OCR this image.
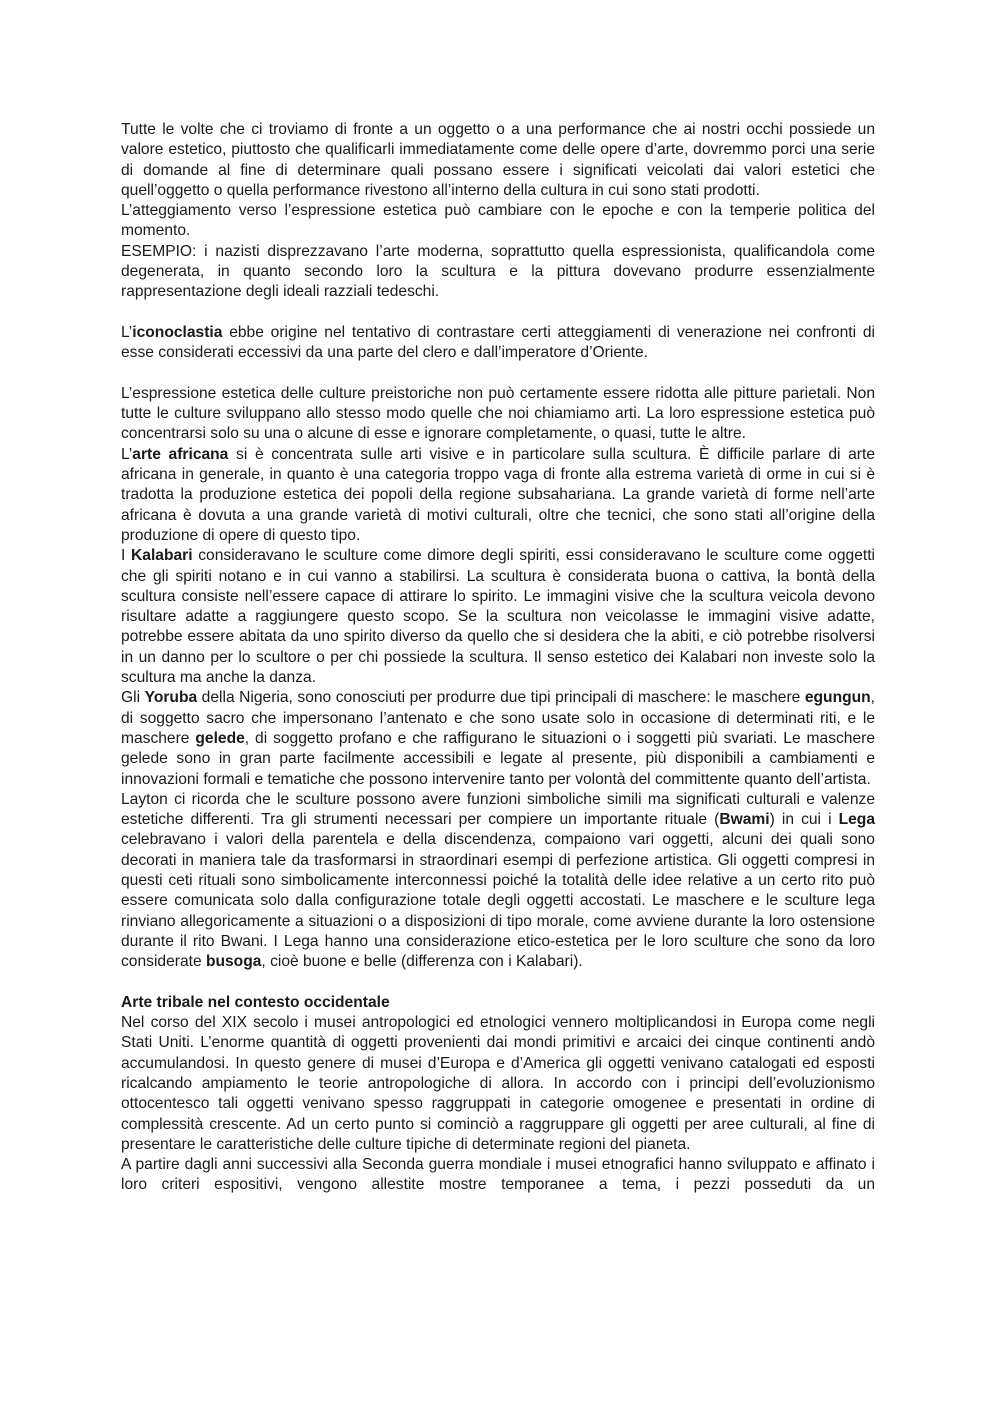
Tutte le volte che ci troviamo di fronte a un oggetto o a una performance che ai nostri occhi possiede un valore estetico, piuttosto che qualificarli immediatamente come delle opere d’arte, dovremmo porci una serie di domande al fine di determinare quali possano essere i significati veicolati dai valori estetici che quell’oggetto o quella performance rivestono all’interno della cultura in cui sono stati prodotti.

L’atteggiamento verso l’espressione estetica può cambiare con le epoche e con la temperie politica del momento.

ESEMPIO: i nazisti disprezzavano l’arte moderna, soprattutto quella espressionista, qualificandola come degenerata, in quanto secondo loro la scultura e la pittura dovevano produrre essenzialmente rappresentazione degli ideali razziali tedeschi.

L’iconoclastia ebbe origine nel tentativo di contrastare certi atteggiamenti di venerazione nei confronti di esse considerati eccessivi da una parte del clero e dall’imperatore d’Oriente.

L’espressione estetica delle culture preistoriche non può certamente essere ridotta alle pitture parietali. Non tutte le culture sviluppano allo stesso modo quelle che noi chiamiamo arti. La loro espressione estetica può concentrarsi solo su una o alcune di esse e ignorare completamente, o quasi, tutte le altre.

L’arte africana si è concentrata sulle arti visive e in particolare sulla scultura. È difficile parlare di arte africana in generale, in quanto è una categoria troppo vaga di fronte alla estrema varietà di orme in cui si è tradotta la produzione estetica dei popoli della regione subsahariana. La grande varietà di forme nell’arte africana è dovuta a una grande varietà di motivi culturali, oltre che tecnici, che sono stati all’origine della produzione di opere di questo tipo.

I Kalabari consideravano le sculture come dimore degli spiriti, essi consideravano le sculture come oggetti che gli spiriti notano e in cui vanno a stabilirsi. La scultura è considerata buona o cattiva, la bontà della scultura consiste nell’essere capace di attirare lo spirito. Le immagini visive che la scultura veicola devono risultare adatte a raggiungere questo scopo. Se la scultura non veicolasse le immagini visive adatte, potrebbe essere abitata da uno spirito diverso da quello che si desidera che la abiti, e ciò potrebbe risolversi in un danno per lo scultore o per chi possiede la scultura. Il senso estetico dei Kalabari non investe solo la scultura ma anche la danza.

Gli Yoruba della Nigeria, sono conosciuti per produrre due tipi principali di maschere: le maschere egungun, di soggetto sacro che impersonano l’antenato e che sono usate solo in occasione di determinati riti, e le maschere gelede, di soggetto profano e che raffigurano le situazioni o i soggetti più svariati. Le maschere gelede sono in gran parte facilmente accessibili e legate al presente, più disponibili a cambiamenti e innovazioni formali e tematiche che possono intervenire tanto per volontà del committente quanto dell’artista.

Layton ci ricorda che le sculture possono avere funzioni simboliche simili ma significati culturali e valenze estetiche differenti. Tra gli strumenti necessari per compiere un importante rituale (Bwami) in cui i Lega celebravano i valori della parentela e della discendenza, compaiono vari oggetti, alcuni dei quali sono decorati in maniera tale da trasformarsi in straordinari esempi di perfezione artistica. Gli oggetti compresi in questi ceti rituali sono simbolicamente interconnessi poiché la totalità delle idee relative a un certo rito può essere comunicata solo dalla configurazione totale degli oggetti accostati. Le maschere e le sculture lega rinviano allegoricamente a situazioni o a disposizioni di tipo morale, come avviene durante la loro ostensione durante il rito Bwani. I Lega hanno una considerazione etico-estetica per le loro sculture che sono da loro considerate busoga, cioè buone e belle (differenza con i Kalabari).

Arte tribale nel contesto occidentale

Nel corso del XIX secolo i musei antropologici ed etnologici vennero moltiplicandosi in Europa come negli Stati Uniti. L’enorme quantità di oggetti provenienti dai mondi primitivi e arcaici dei cinque continenti andò accumulandosi. In questo genere di musei d’Europa e d’America gli oggetti venivano catalogati ed esposti ricalcando ampiamento le teorie antropologiche di allora. In accordo con i principi dell’evoluzionismo ottocentesco tali oggetti venivano spesso raggruppati in categorie omogenee e presentati in ordine di complessità crescente. Ad un certo punto si cominciò a raggruppare gli oggetti per aree culturali, al fine di presentare le caratteristiche delle culture tipiche di determinate regioni del pianeta.

A partire dagli anni successivi alla Seconda guerra mondiale i musei etnografici hanno sviluppato e affinato i loro criteri espositivi, vengono allestite mostre temporanee a tema, i pezzi posseduti da un
